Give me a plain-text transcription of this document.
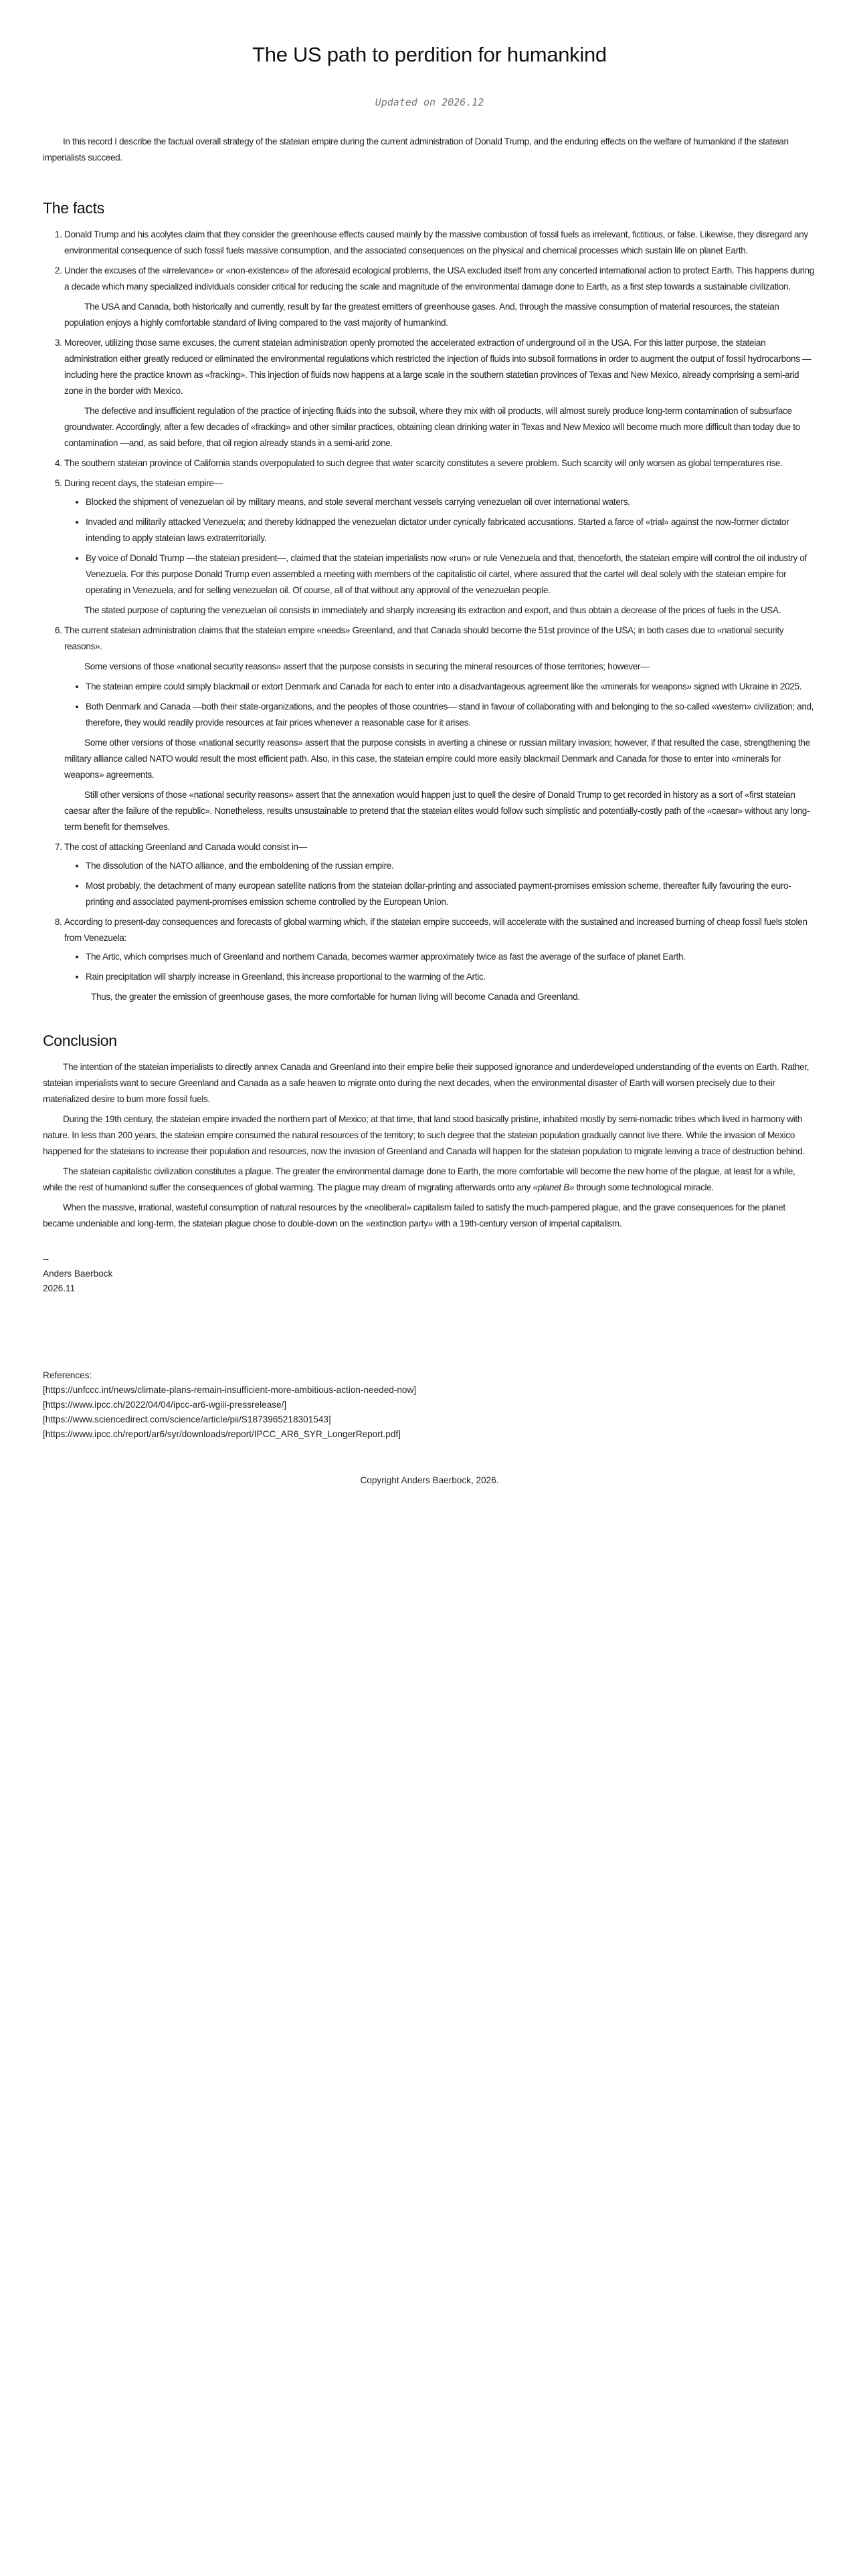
The US path to perdition for humankind
Updated on 2026.12

In this record I describe the factual overall strategy of the stateian empire during the current administration of Donald Trump, and the enduring effects on the welfare of humankind if the stateian imperialists succeed.

The facts
1. Donald Trump and his acolytes claim that they consider the greenhouse effects caused mainly by the massive combustion of fossil fuels as irrelevant, fictitious, or false. Likewise, they disregard any environmental consequence of such fossil fuels massive consumption, and the associated consequences on the physical and chemical processes which sustain life on planet Earth.
2. Under the excuses of the «irrelevance» or «non-existence» of the aforesaid ecological problems, the USA excluded itself from any concerted international action to protect Earth. This happens during a decade which many specialized individuals consider critical for reducing the scale and magnitude of the environmental damage done to Earth, as a first step towards a sustainable civilization.

The USA and Canada, both historically and currently, result by far the greatest emitters of greenhouse gases. And, through the massive consumption of material resources, the stateian population enjoys a highly comfortable standard of living compared to the vast majority of humankind.

3. Moreover, utilizing those same excuses, the current stateian administration openly promoted the accelerated extraction of underground oil in the USA. For this latter purpose, the stateian administration either greatly reduced or eliminated the environmental regulations which restricted the injection of fluids into subsoil formations in order to augment the output of fossil hydrocarbons —including here the practice known as «fracking». This injection of fluids now happens at a large scale in the southern statetian provinces of Texas and New Mexico, already comprising a semi-arid zone in the border with Mexico.

The defective and insufficient regulation of the practice of injecting fluids into the subsoil, where they mix with oil products, will almost surely produce long-term contamination of subsurface groundwater. Accordingly, after a few decades of «fracking» and other similar practices, obtaining clean drinking water in Texas and New Mexico will become much more difficult than today due to contamination —and, as said before, that oil region already stands in a semi-arid zone.

4. The southern stateian province of California stands overpopulated to such degree that water scarcity constitutes a severe problem. Such scarcity will only worsen as global temperatures rise.
5. During recent days, the stateian empire—
• Blocked the shipment of venezuelan oil by military means, and stole several merchant vessels carrying venezuelan oil over international waters.
• Invaded and militarily attacked Venezuela; and thereby kidnapped the venezuelan dictator under cynically fabricated accusations. Started a farce of «trial» against the now-former dictator intending to apply stateian laws extraterritorially.
• By voice of Donald Trump —the stateian president—, claimed that the stateian imperialists now «run» or rule Venezuela and that, thenceforth, the stateian empire will control the oil industry of Venezuela. For this purpose Donald Trump even assembled a meeting with members of the capitalistic oil cartel, where assured that the cartel will deal solely with the stateian empire for operating in Venezuela, and for selling venezuelan oil. Of course, all of that without any approval of the venezuelan people.

The stated purpose of capturing the venezuelan oil consists in immediately and sharply increasing its extraction and export, and thus obtain a decrease of the prices of fuels in the USA.

6. The current stateian administration claims that the stateian empire «needs» Greenland, and that Canada should become the 51st province of the USA; in both cases due to «national security reasons».

Some versions of those «national security reasons» assert that the purpose consists in securing the mineral resources of those territories; however—

• The stateian empire could simply blackmail or extort Denmark and Canada for each to enter into a disadvantageous agreement like the «minerals for weapons» signed with Ukraine in 2025.
• Both Denmark and Canada —both their state-organizations, and the peoples of those countries— stand in favour of collaborating with and belonging to the so-called «western» civilization; and, therefore, they would readily provide resources at fair prices whenever a reasonable case for it arises.

Some other versions of those «national security reasons» assert that the purpose consists in averting a chinese or russian military invasion; however, if that resulted the case, strengthening the military alliance called NATO would result the most efficient path. Also, in this case, the stateian empire could more easily blackmail Denmark and Canada for those to enter into «minerals for weapons» agreements.

Still other versions of those «national security reasons» assert that the annexation would happen just to quell the desire of Donald Trump to get recorded in history as a sort of «first stateian caesar after the failure of the republic». Nonetheless, results unsustainable to pretend that the stateian elites would follow such simplistic and potentially-costly path of the «caesar» without any long-term benefit for themselves.

7. The cost of attacking Greenland and Canada would consist in—
• The dissolution of the NATO alliance, and the emboldening of the russian empire.
• Most probably, the detachment of many european satellite nations from the stateian dollar-printing and associated payment-promises emission scheme, thereafter fully favouring the euro-printing and associated payment-promises emission scheme controlled by the European Union.
8. According to present-day consequences and forecasts of global warming which, if the stateian empire succeeds, will accelerate with the sustained and increased burning of cheap fossil fuels stolen from Venezuela:
• The Artic, which comprises much of Greenland and northern Canada, becomes warmer approximately twice as fast the average of the surface of planet Earth.
• Rain precipitation will sharply increase in Greenland, this increase proportional to the warming of the Artic.

Thus, the greater the emission of greenhouse gases, the more comfortable for human living will become Canada and Greenland.

Conclusion

The intention of the stateian imperialists to directly annex Canada and Greenland into their empire belie their supposed ignorance and underdeveloped understanding of the events on Earth. Rather, stateian imperialists want to secure Greenland and Canada as a safe heaven to migrate onto during the next decades, when the environmental disaster of Earth will worsen precisely due to their materialized desire to burn more fossil fuels.

During the 19th century, the stateian empire invaded the northern part of Mexico; at that time, that land stood basically pristine, inhabited mostly by semi-nomadic tribes which lived in harmony with nature. In less than 200 years, the stateian empire consumed the natural resources of the territory; to such degree that the stateian population gradually cannot live there. While the invasion of Mexico happened for the stateians to increase their population and resources, now the invasion of Greenland and Canada will happen for the stateian population to migrate leaving a trace of destruction behind.

The stateian capitalistic civilization constitutes a plague. The greater the environmental damage done to Earth, the more comfortable will become the new home of the plague, at least for a while, while the rest of humankind suffer the consequences of global warming. The plague may dream of migrating afterwards onto any «planet B» through some technological miracle.

When the massive, irrational, wasteful consumption of natural resources by the «neoliberal» capitalism failed to satisfy the much-pampered plague, and the grave consequences for the planet became undeniable and long-term, the stateian plague chose to double-down on the «extinction party» with a 19th-century version of imperial capitalism.

--
Anders Baerbock
2026.11
References:
[https://unfccc.int/news/climate-plans-remain-insufficient-more-ambitious-action-needed-now]
[https://www.ipcc.ch/2022/04/04/ipcc-ar6-wgiii-pressrelease/]
[https://www.sciencedirect.com/science/article/pii/S1873965218301543]
[https://www.ipcc.ch/report/ar6/syr/downloads/report/IPCC_AR6_SYR_LongerReport.pdf]
Copyright Anders Baerbock, 2026.
